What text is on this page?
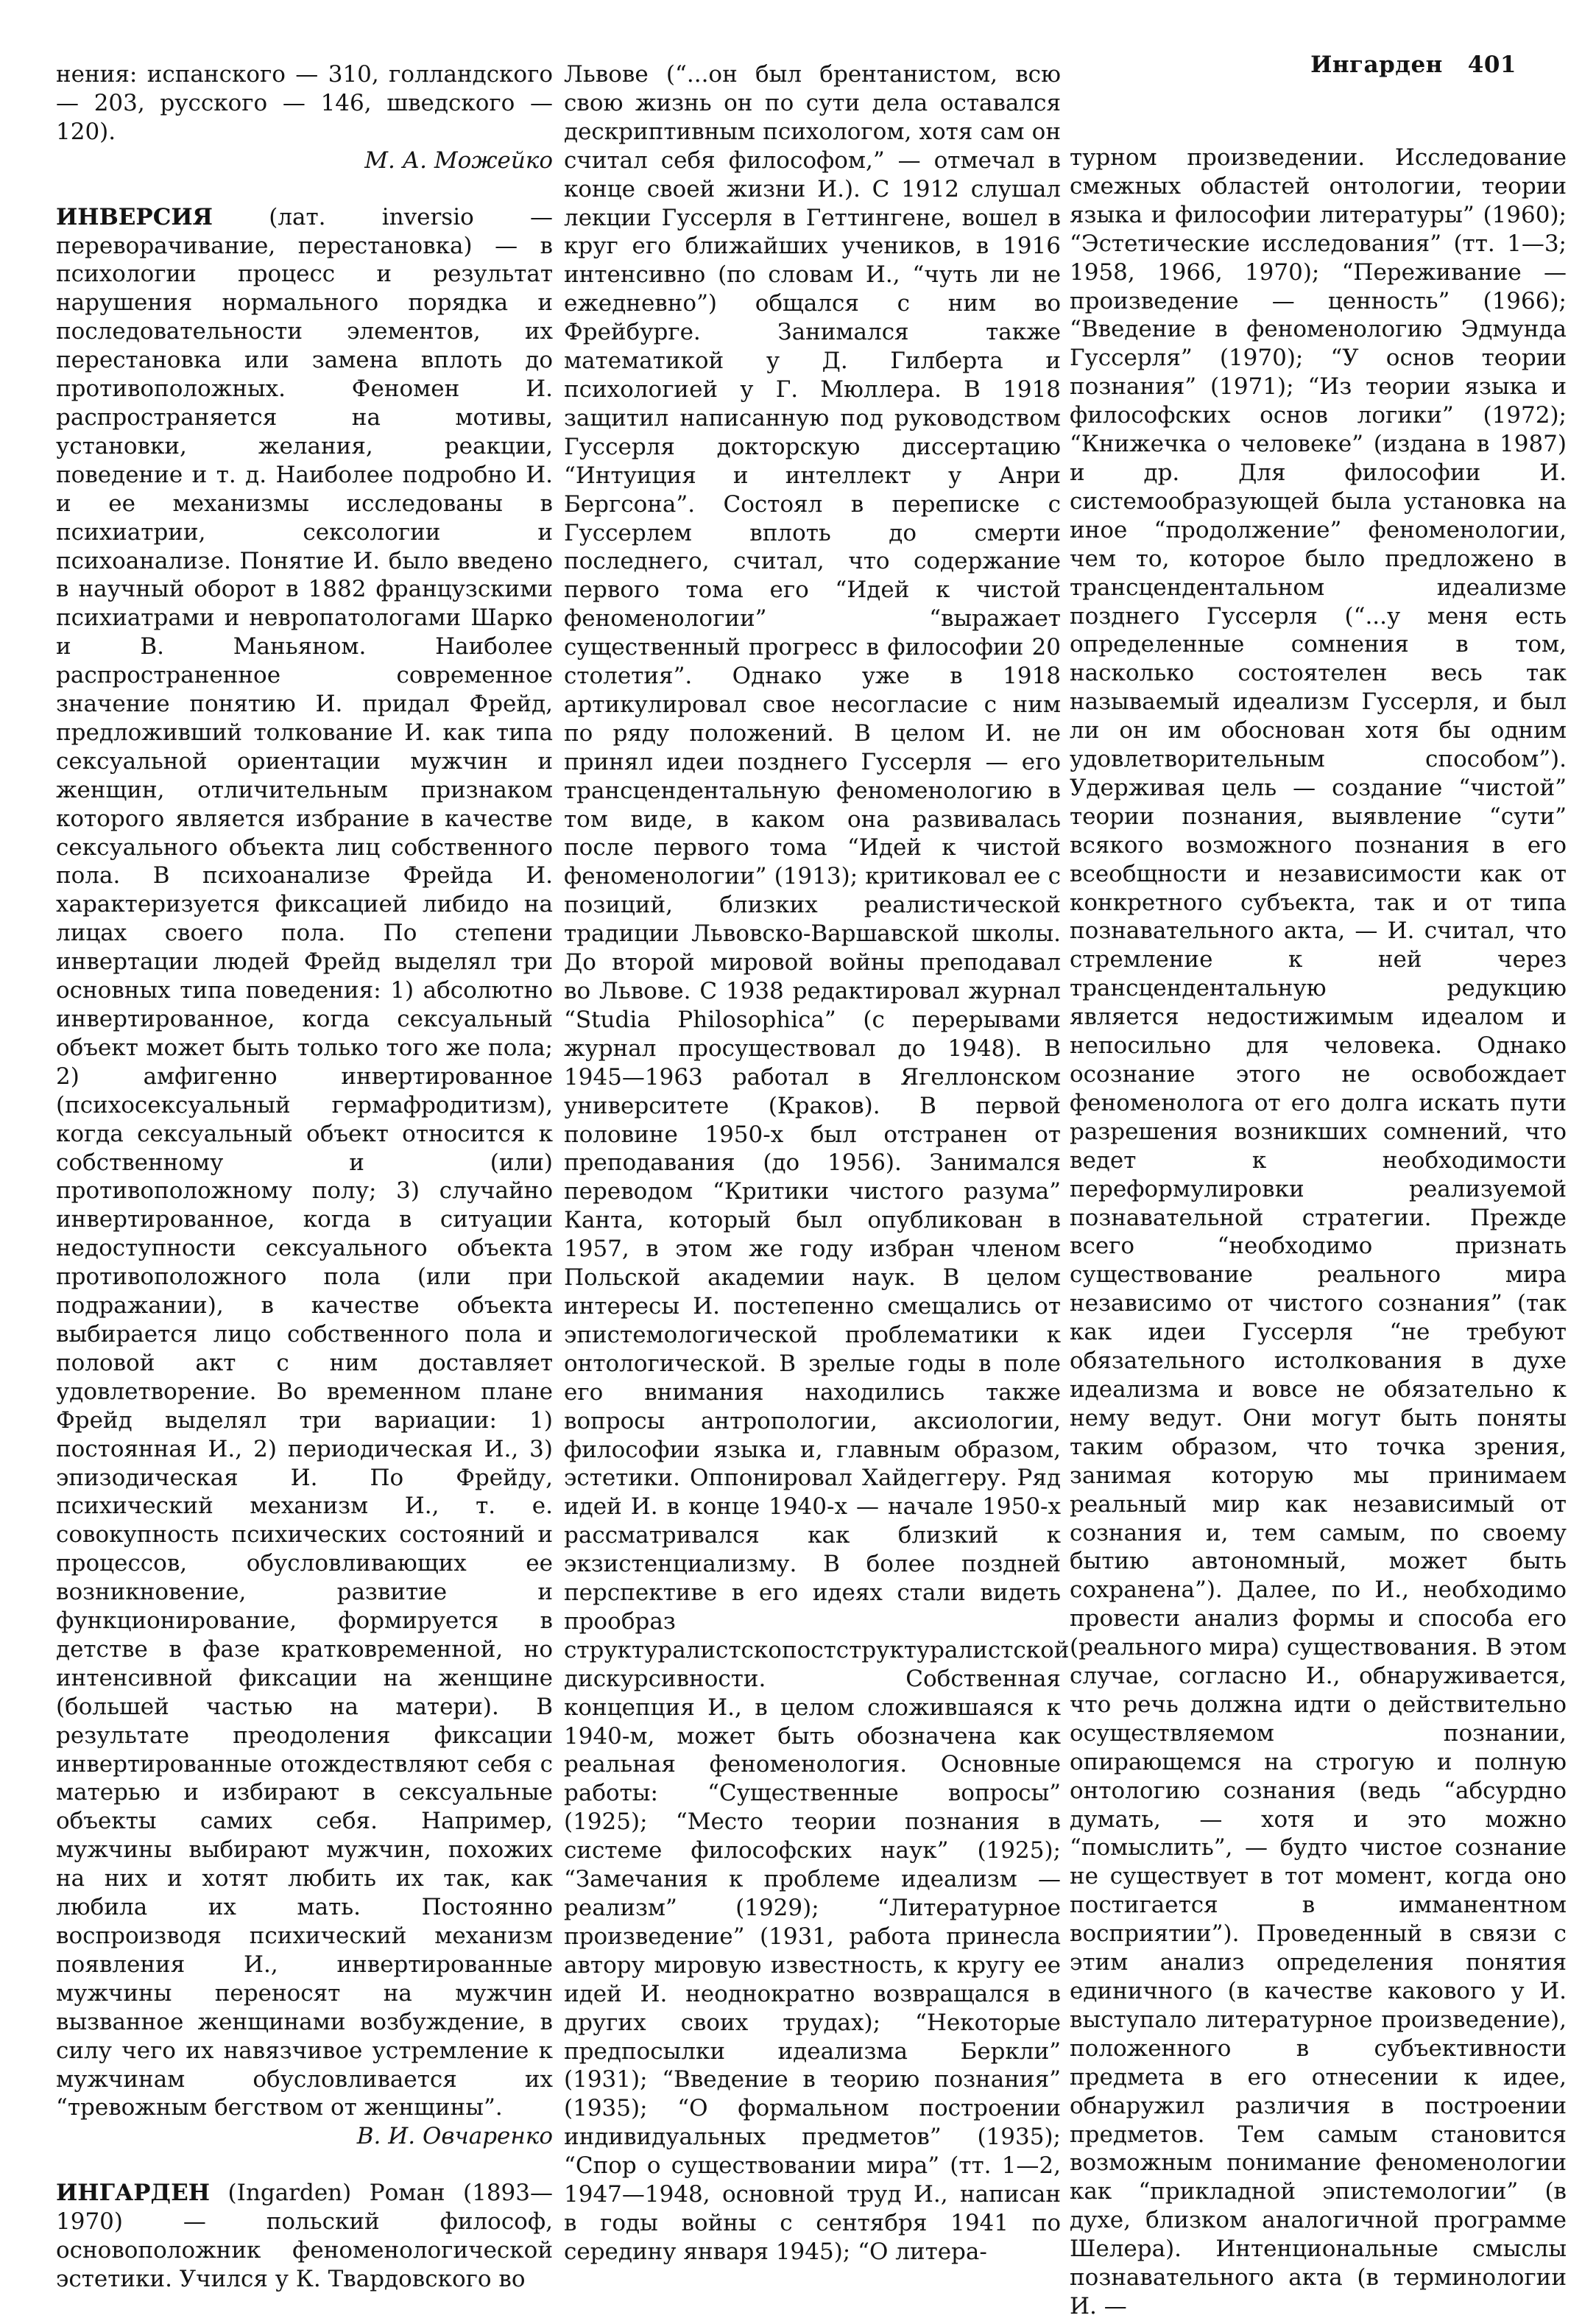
Ингарден 401

нения: испанского — 310, голландского — 203, русского — 146, шведского — 120).

М. А. Можейко

ИНВЕРСИЯ (лат. inversio — переворачивание, перестановка) — в психологии процесс и результат нарушения нормального порядка и последовательности элементов, их перестановка или замена вплоть до противоположных. Феномен И. распространяется на мотивы, установки, желания, реакции, поведение и т. д. Наиболее подробно И. и ее механизмы исследованы в психиатрии, сексологии и психоанализе. Понятие И. было введено в научный оборот в 1882 французскими психиатрами и невропатологами Шарко и В. Маньяном. Наиболее распространенное современное значение понятию И. придал Фрейд, предложивший толкование И. как типа сексуальной ориентации мужчин и женщин, отличительным признаком которого является избрание в качестве сексуального объекта лиц собственного пола. В психоанализе Фрейда И. характеризуется фиксацией либидо на лицах своего пола. По степени инвертации людей Фрейд выделял три основных типа поведения: 1) абсолютно инвертированное, когда сексуальный объект может быть только того же пола; 2) амфигенно инвертированное (психосексуальный гермафродитизм), когда сексуальный объект относится к собственному и (или) противоположному полу; 3) случайно инвертированное, когда в ситуации недоступности сексуального объекта противоположного пола (или при подражании), в качестве объекта выбирается лицо собственного пола и половой акт с ним доставляет удовлетворение. Во временном плане Фрейд выделял три вариации: 1) постоянная И., 2) периодическая И., 3) эпизодическая И. По Фрейду, психический механизм И., т. е. совокупность психических состояний и процессов, обусловливающих ее возникновение, развитие и функционирование, формируется в детстве в фазе кратковременной, но интенсивной фиксации на женщине (большей частью на матери). В результате преодоления фиксации инвертированные отождествляют себя с матерью и избирают в сексуальные объекты самих себя. Например, мужчины выбирают мужчин, похожих на них и хотят любить их так, как любила их мать. Постоянно воспроизводя психический механизм появления И., инвертированные мужчины переносят на мужчин вызванное женщинами возбуждение, в силу чего их навязчивое устремление к мужчинам обусловливается их “тревожным бегством от женщины”.

В. И. Овчаренко

ИНГАРДЕН (Ingarden) Роман (1893—1970) — польский философ, основоположник феноменологической эстетики. Учился у К. Твардовского во

Львове (“...он был брентанистом, всю свою жизнь он по сути дела оставался дескриптивным психологом, хотя сам он считал себя философом,” — отмечал в конце своей жизни И.). С 1912 слушал лекции Гуссерля в Геттингене, вошел в круг его ближайших учеников, в 1916 интенсивно (по словам И., “чуть ли не ежедневно”) общался с ним во Фрейбурге. Занимался также математикой у Д. Гилберта и психологией у Г. Мюллера. В 1918 защитил написанную под руководством Гуссерля докторскую диссертацию “Интуиция и интеллект у Анри Бергсона”. Состоял в переписке с Гуссерлем вплоть до смерти последнего, считал, что содержание первого тома его “Идей к чистой феноменологии” “выражает существенный прогресс в философии 20 столетия”. Однако уже в 1918 артикулировал свое несогласие с ним по ряду положений. В целом И. не принял идеи позднего Гуссерля — его трансцендентальную феноменологию в том виде, в каком она развивалась после первого тома “Идей к чистой феноменологии” (1913); критиковал ее с позиций, близких реалистической традиции Львовско-Варшавской школы. До второй мировой войны преподавал во Львове. С 1938 редактировал журнал “Studia Philosophica” (с перерывами журнал просуществовал до 1948). В 1945—1963 работал в Ягеллонском университете (Краков). В первой половине 1950-х был отстранен от преподавания (до 1956). Занимался переводом “Критики чистого разума” Канта, который был опубликован в 1957, в этом же году избран членом Польской академии наук. В целом интересы И. постепенно смещались от эпистемологической проблематики к онтологической. В зрелые годы в поле его внимания находились также вопросы антропологии, аксиологии, философии языка и, главным образом, эстетики. Оппонировал Хайдеггеру. Ряд идей И. в конце 1940-х — начале 1950-х рассматривался как близкий к экзистенциализму. В более поздней перспективе в его идеях стали видеть прообраз структуралистскопостструктуралистской дискурсивности. Собственная концепция И., в целом сложившаяся к 1940-м, может быть обозначена как реальная феноменология. Основные работы: “Существенные вопросы” (1925); “Место теории познания в системе философских наук” (1925); “Замечания к проблеме идеализм — реализм” (1929); “Литературное произведение” (1931, работа принесла автору мировую известность, к кругу ее идей И. неоднократно возвращался в других своих трудах); “Некоторые предпосылки идеализма Беркли” (1931); “Введение в теорию познания” (1935); “О формальном построении индивидуальных предметов” (1935); “Спор о существовании мира” (тт. 1—2, 1947—1948, основной труд И., написан в годы войны с сентября 1941 по середину января 1945); “О литера-

турном произведении. Исследование смежных областей онтологии, теории языка и философии литературы” (1960); “Эстетические исследования” (тт. 1—3; 1958, 1966, 1970); “Переживание — произведение — ценность” (1966); “Введение в феноменологию Эдмунда Гуссерля” (1970); “У основ теории познания” (1971); “Из теории языка и философских основ логики” (1972); “Книжечка о человеке” (издана в 1987) и др. Для философии И. системообразующей была установка на иное “продолжение” феноменологии, чем то, которое было предложено в трансцендентальном идеализме позднего Гуссерля (“...у меня есть определенные сомнения в том, насколько состоятелен весь так называемый идеализм Гуссерля, и был ли он им обоснован хотя бы одним удовлетворительным способом”). Удерживая цель — создание “чистой” теории познания, выявление “сути” всякого возможного познания в его всеобщности и независимости как от конкретного субъекта, так и от типа познавательного акта, — И. считал, что стремление к ней через трансцендентальную редукцию является недостижимым идеалом и непосильно для человека. Однако осознание этого не освобождает феноменолога от его долга искать пути разрешения возникших сомнений, что ведет к необходимости переформулировки реализуемой познавательной стратегии. Прежде всего “необходимо признать существование реального мира независимо от чистого сознания” (так как идеи Гуссерля “не требуют обязательного истолкования в духе идеализма и вовсе не обязательно к нему ведут. Они могут быть поняты таким образом, что точка зрения, занимая которую мы принимаем реальный мир как независимый от сознания и, тем самым, по своему бытию автономный, может быть сохранена”). Далее, по И., необходимо провести анализ формы и способа его (реального мира) существования. В этом случае, согласно И., обнаруживается, что речь должна идти о действительно осуществляемом познании, опирающемся на строгую и полную онтологию сознания (ведь “абсурдно думать, — хотя и это можно “помыслить”, — будто чистое сознание не существует в тот момент, когда оно постигается в имманентном восприятии”). Проведенный в связи с этим анализ определения понятия единичного (в качестве какового у И. выступало литературное произведение), положенного в субъективности предмета в его отнесении к идее, обнаружил различия в построении предметов. Тем самым становится возможным понимание феноменологии как “прикладной эпистемологии” (в духе, близком аналогичной программе Шелера). Интенциональные смыслы познавательного акта (в терминологии И. —
